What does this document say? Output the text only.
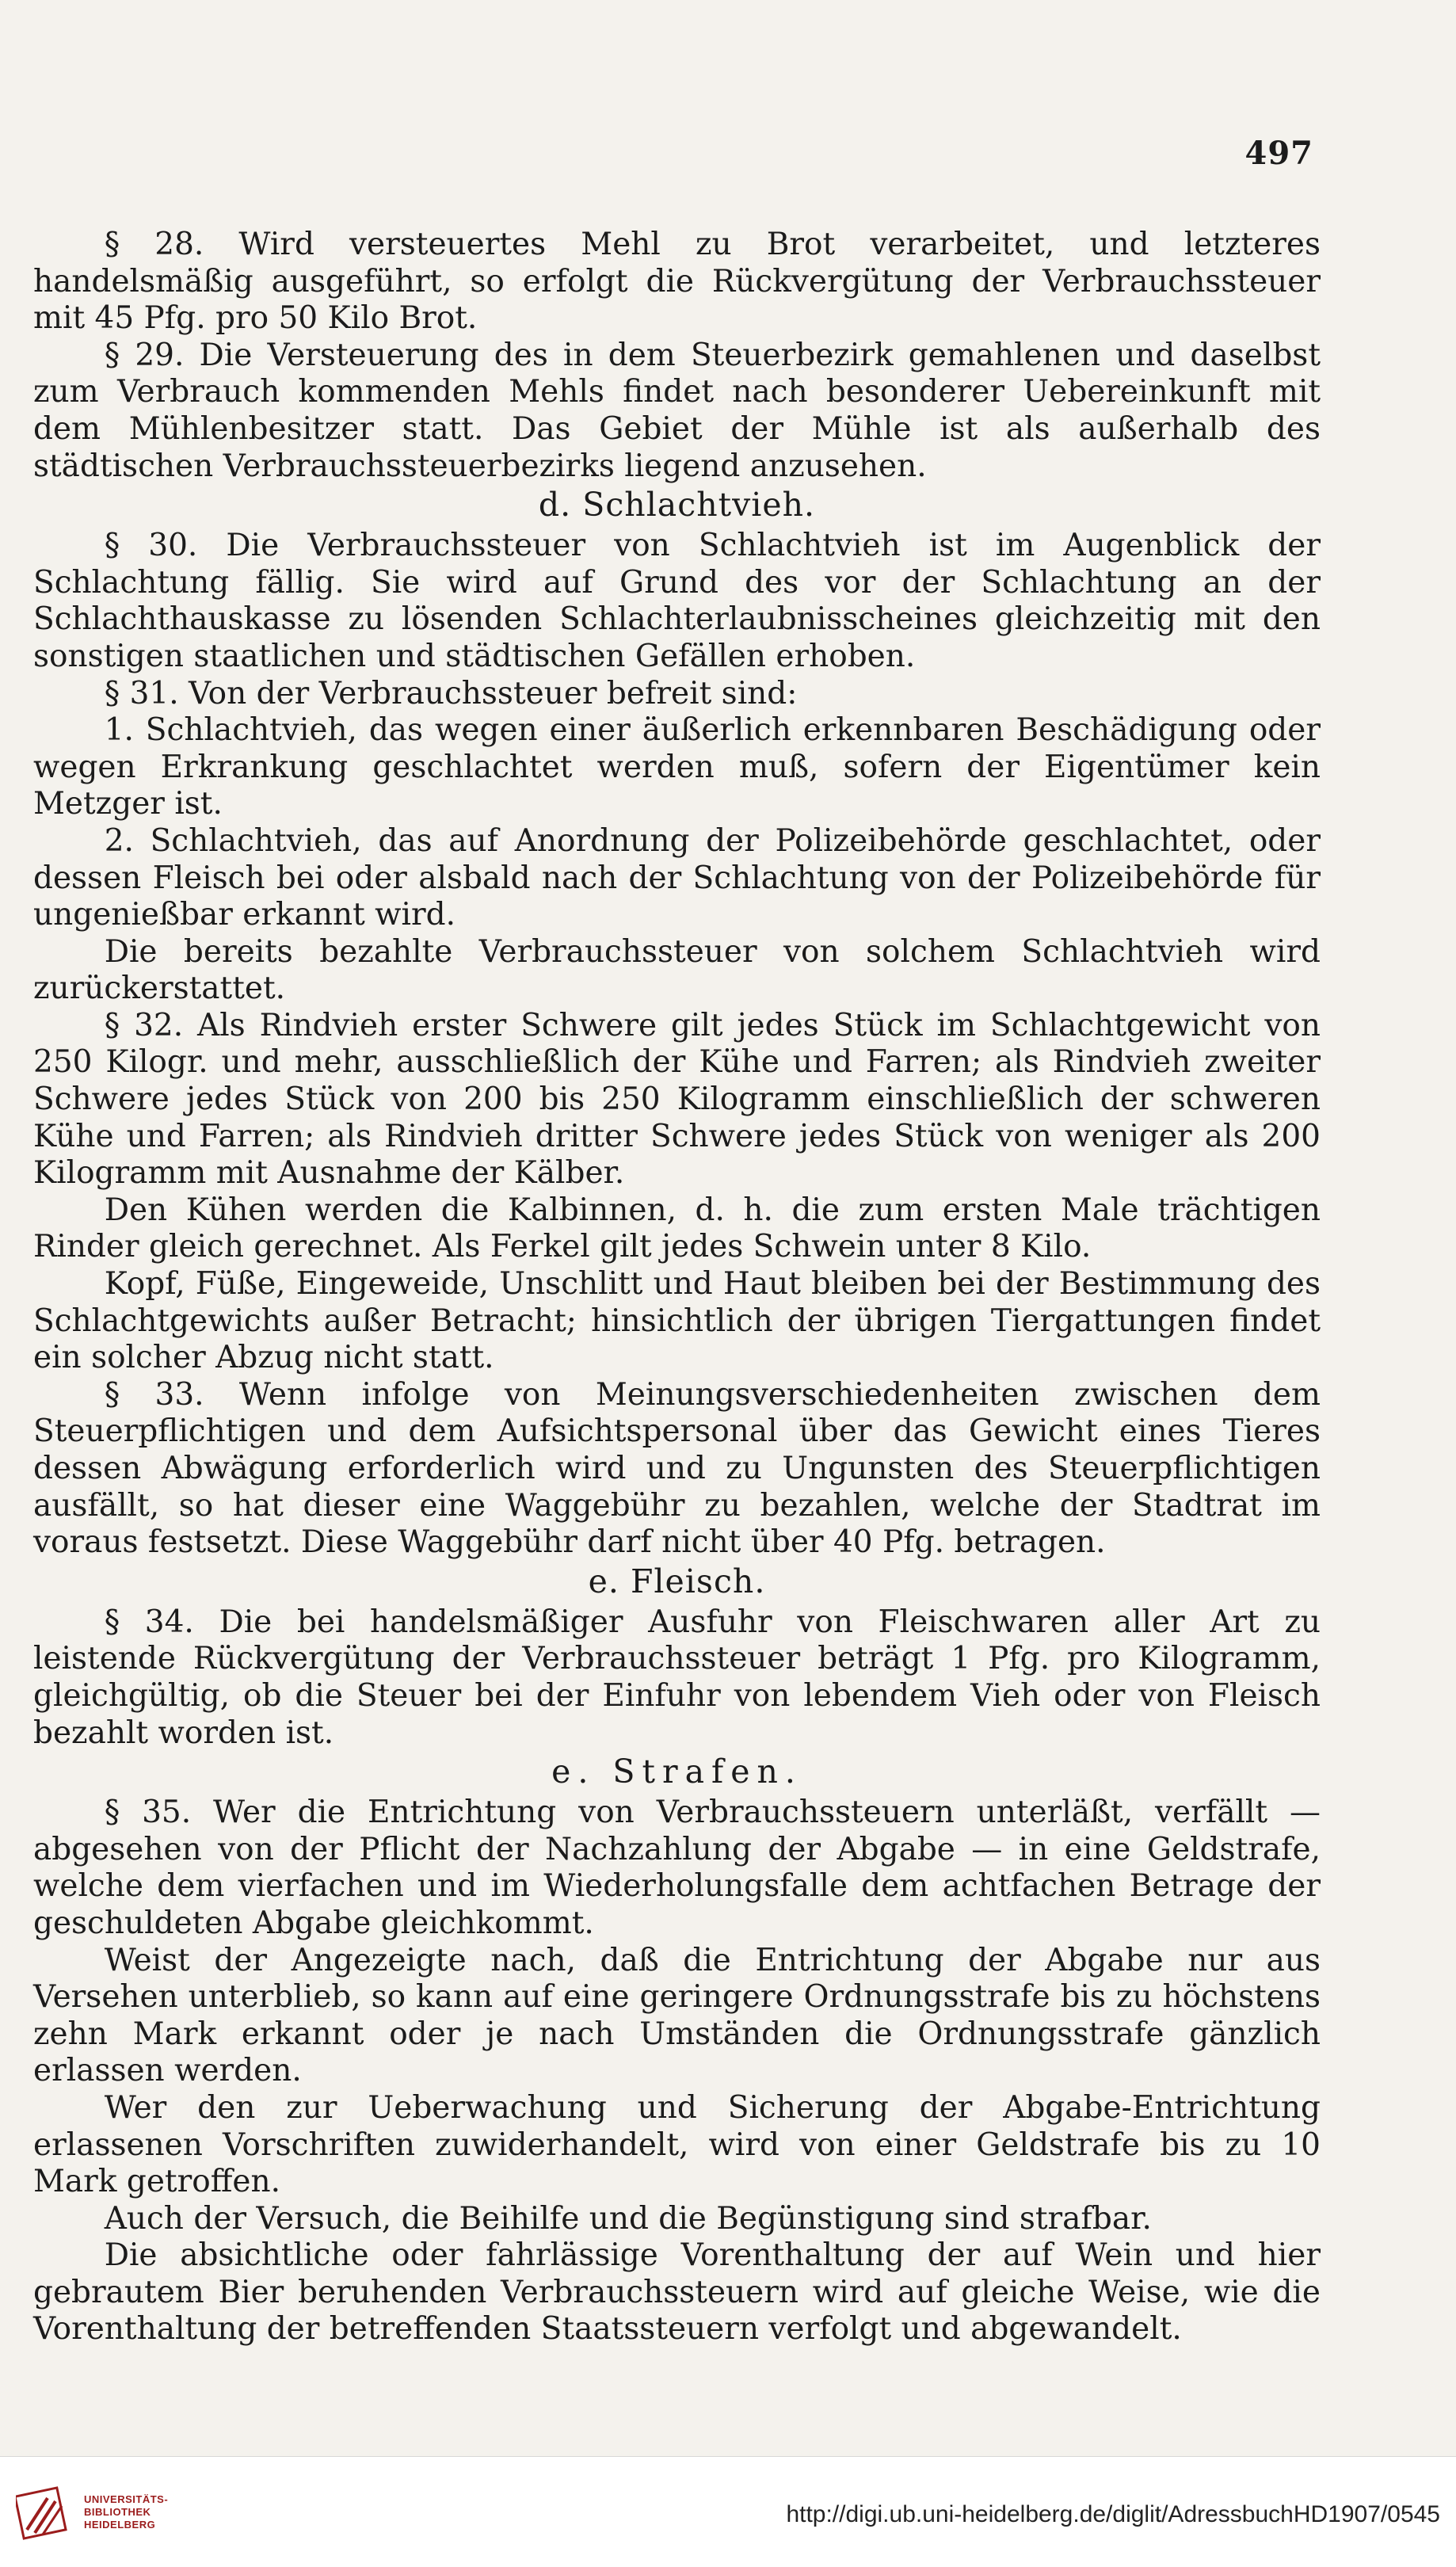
497

§ 28. Wird versteuertes Mehl zu Brot verarbeitet, und letzteres handelsmäßig ausgeführt, so erfolgt die Rückvergütung der Verbrauchssteuer mit 45 Pfg. pro 50 Kilo Brot.

§ 29. Die Versteuerung des in dem Steuerbezirk gemahlenen und daselbst zum Verbrauch kommenden Mehls findet nach besonderer Uebereinkunft mit dem Mühlenbesitzer statt. Das Gebiet der Mühle ist als außerhalb des städtischen Verbrauchssteuerbezirks liegend anzusehen.

d. Schlachtvieh.

§ 30. Die Verbrauchssteuer von Schlachtvieh ist im Augenblick der Schlachtung fällig. Sie wird auf Grund des vor der Schlachtung an der Schlachthauskasse zu lösenden Schlachterlaubnisscheines gleichzeitig mit den sonstigen staatlichen und städtischen Gefällen erhoben.

§ 31. Von der Verbrauchssteuer befreit sind:

1. Schlachtvieh, das wegen einer äußerlich erkennbaren Beschädigung oder wegen Erkrankung geschlachtet werden muß, sofern der Eigentümer kein Metzger ist.

2. Schlachtvieh, das auf Anordnung der Polizeibehörde geschlachtet, oder dessen Fleisch bei oder alsbald nach der Schlachtung von der Polizeibehörde für ungenießbar erkannt wird.

Die bereits bezahlte Verbrauchssteuer von solchem Schlachtvieh wird zurückerstattet.

§ 32. Als Rindvieh erster Schwere gilt jedes Stück im Schlachtgewicht von 250 Kilogr. und mehr, ausschließlich der Kühe und Farren; als Rindvieh zweiter Schwere jedes Stück von 200 bis 250 Kilogramm einschließlich der schweren Kühe und Farren; als Rindvieh dritter Schwere jedes Stück von weniger als 200 Kilogramm mit Ausnahme der Kälber.

Den Kühen werden die Kalbinnen, d. h. die zum ersten Male trächtigen Rinder gleich gerechnet. Als Ferkel gilt jedes Schwein unter 8 Kilo.

Kopf, Füße, Eingeweide, Unschlitt und Haut bleiben bei der Bestimmung des Schlachtgewichts außer Betracht; hinsichtlich der übrigen Tiergattungen findet ein solcher Abzug nicht statt.

§ 33. Wenn infolge von Meinungsverschiedenheiten zwischen dem Steuerpflichtigen und dem Aufsichtspersonal über das Gewicht eines Tieres dessen Abwägung erforderlich wird und zu Ungunsten des Steuerpflichtigen ausfällt, so hat dieser eine Waggebühr zu bezahlen, welche der Stadtrat im voraus festsetzt. Diese Waggebühr darf nicht über 40 Pfg. betragen.

e. Fleisch.

§ 34. Die bei handelsmäßiger Ausfuhr von Fleischwaren aller Art zu leistende Rückvergütung der Verbrauchssteuer beträgt 1 Pfg. pro Kilogramm, gleichgültig, ob die Steuer bei der Einfuhr von lebendem Vieh oder von Fleisch bezahlt worden ist.

e. Strafen.

§ 35. Wer die Entrichtung von Verbrauchssteuern unterläßt, verfällt — abgesehen von der Pflicht der Nachzahlung der Abgabe — in eine Geldstrafe, welche dem vierfachen und im Wiederholungsfalle dem achtfachen Betrage der geschuldeten Abgabe gleichkommt.

Weist der Angezeigte nach, daß die Entrichtung der Abgabe nur aus Versehen unterblieb, so kann auf eine geringere Ordnungsstrafe bis zu höchstens zehn Mark erkannt oder je nach Umständen die Ordnungsstrafe gänzlich erlassen werden.

Wer den zur Ueberwachung und Sicherung der Abgabe-Entrichtung erlassenen Vorschriften zuwiderhandelt, wird von einer Geldstrafe bis zu 10 Mark getroffen.

Auch der Versuch, die Beihilfe und die Begünstigung sind strafbar.

Die absichtliche oder fahrlässige Vorenthaltung der auf Wein und hier gebrautem Bier beruhenden Verbrauchssteuern wird auf gleiche Weise, wie die Vorenthaltung der betreffenden Staatssteuern verfolgt und abgewandelt.

UNIVERSITÄTS-
BIBLIOTHEK
HEIDELBERG	http://digi.ub.uni-heidelberg.de/diglit/AdressbuchHD1907/0545
